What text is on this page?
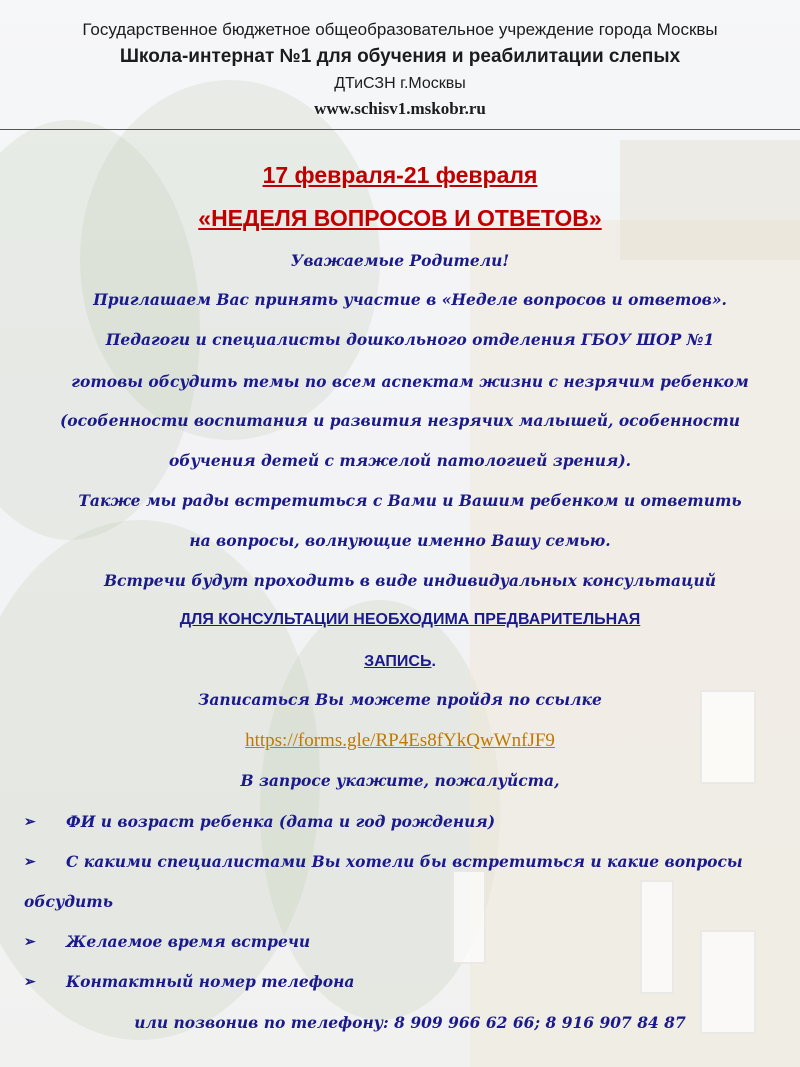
Государственное бюджетное общеобразовательное учреждение города Москвы
Школа-интернат №1 для обучения и реабилитации слепых
ДТиСЗН г.Москвы
www.schisv1.mskobr.ru
17 февраля-21 февраля
«НЕДЕЛЯ ВОПРОСОВ И ОТВЕТОВ»
Уважаемые Родители!
Приглашаем Вас принять участие в «Неделе вопросов и ответов».
Педагоги и специалисты дошкольного отделения ГБОУ ШОР №1
готовы обсудить темы по всем аспектам жизни с незрячим ребенком
(особенности воспитания и развития незрячих малышей, особенности
обучения детей с тяжелой патологией зрения).
Также мы рады встретиться с Вами и Вашим ребенком и ответить
на вопросы, волнующие именно Вашу семью.
Встречи будут проходить в виде индивидуальных консультаций
ДЛЯ КОНСУЛЬТАЦИИ НЕОБХОДИМА ПРЕДВАРИТЕЛЬНАЯ
ЗАПИСЬ.
Записаться Вы можете пройдя по ссылке
https://forms.gle/RP4Es8fYkQwWnfJF9
В запросе укажите, пожалуйста,
➢ ФИ и возраст ребенка (дата и год рождения)
➢ С какими специалистами Вы хотели бы встретиться и какие вопросы
обсудить
➢ Желаемое время встречи
➢ Контактный номер телефона
или позвонив по телефону: 8 909 966 62 66; 8 916 907 84 87
